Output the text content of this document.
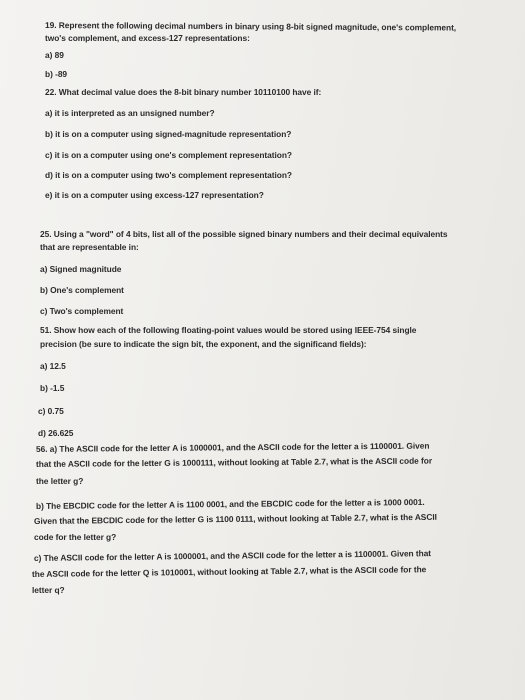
19. Represent the following decimal numbers in binary using 8-bit signed magnitude, one's complement,
two's complement, and excess-127 representations:
a) 89
b) -89
22. What decimal value does the 8-bit binary number 10110100 have if:
a) it is interpreted as an unsigned number?
b) it is on a computer using signed-magnitude representation?
c) it is on a computer using one's complement representation?
d) it is on a computer using two's complement representation?
e) it is on a computer using excess-127 representation?
25. Using a "word" of 4 bits, list all of the possible signed binary numbers and their decimal equivalents
that are representable in:
a) Signed magnitude
b) One's complement
c) Two's complement
51. Show how each of the following floating-point values would be stored using IEEE-754 single
precision (be sure to indicate the sign bit, the exponent, and the significand fields):
a) 12.5
b) -1.5
c) 0.75
d) 26.625
56. a) The ASCII code for the letter A is 1000001, and the ASCII code for the letter a is 1100001. Given
that the ASCII code for the letter G is 1000111, without looking at Table 2.7, what is the ASCII code for
the letter g?
b) The EBCDIC code for the letter A is 1100 0001, and the EBCDIC code for the letter a is 1000 0001.
Given that the EBCDIC code for the letter G is 1100 0111, without looking at Table 2.7, what is the ASCII
code for the letter g?
c) The ASCII code for the letter A is 1000001, and the ASCII code for the letter a is 1100001. Given that
the ASCII code for the letter Q is 1010001, without looking at Table 2.7, what is the ASCII code for the
letter q?
